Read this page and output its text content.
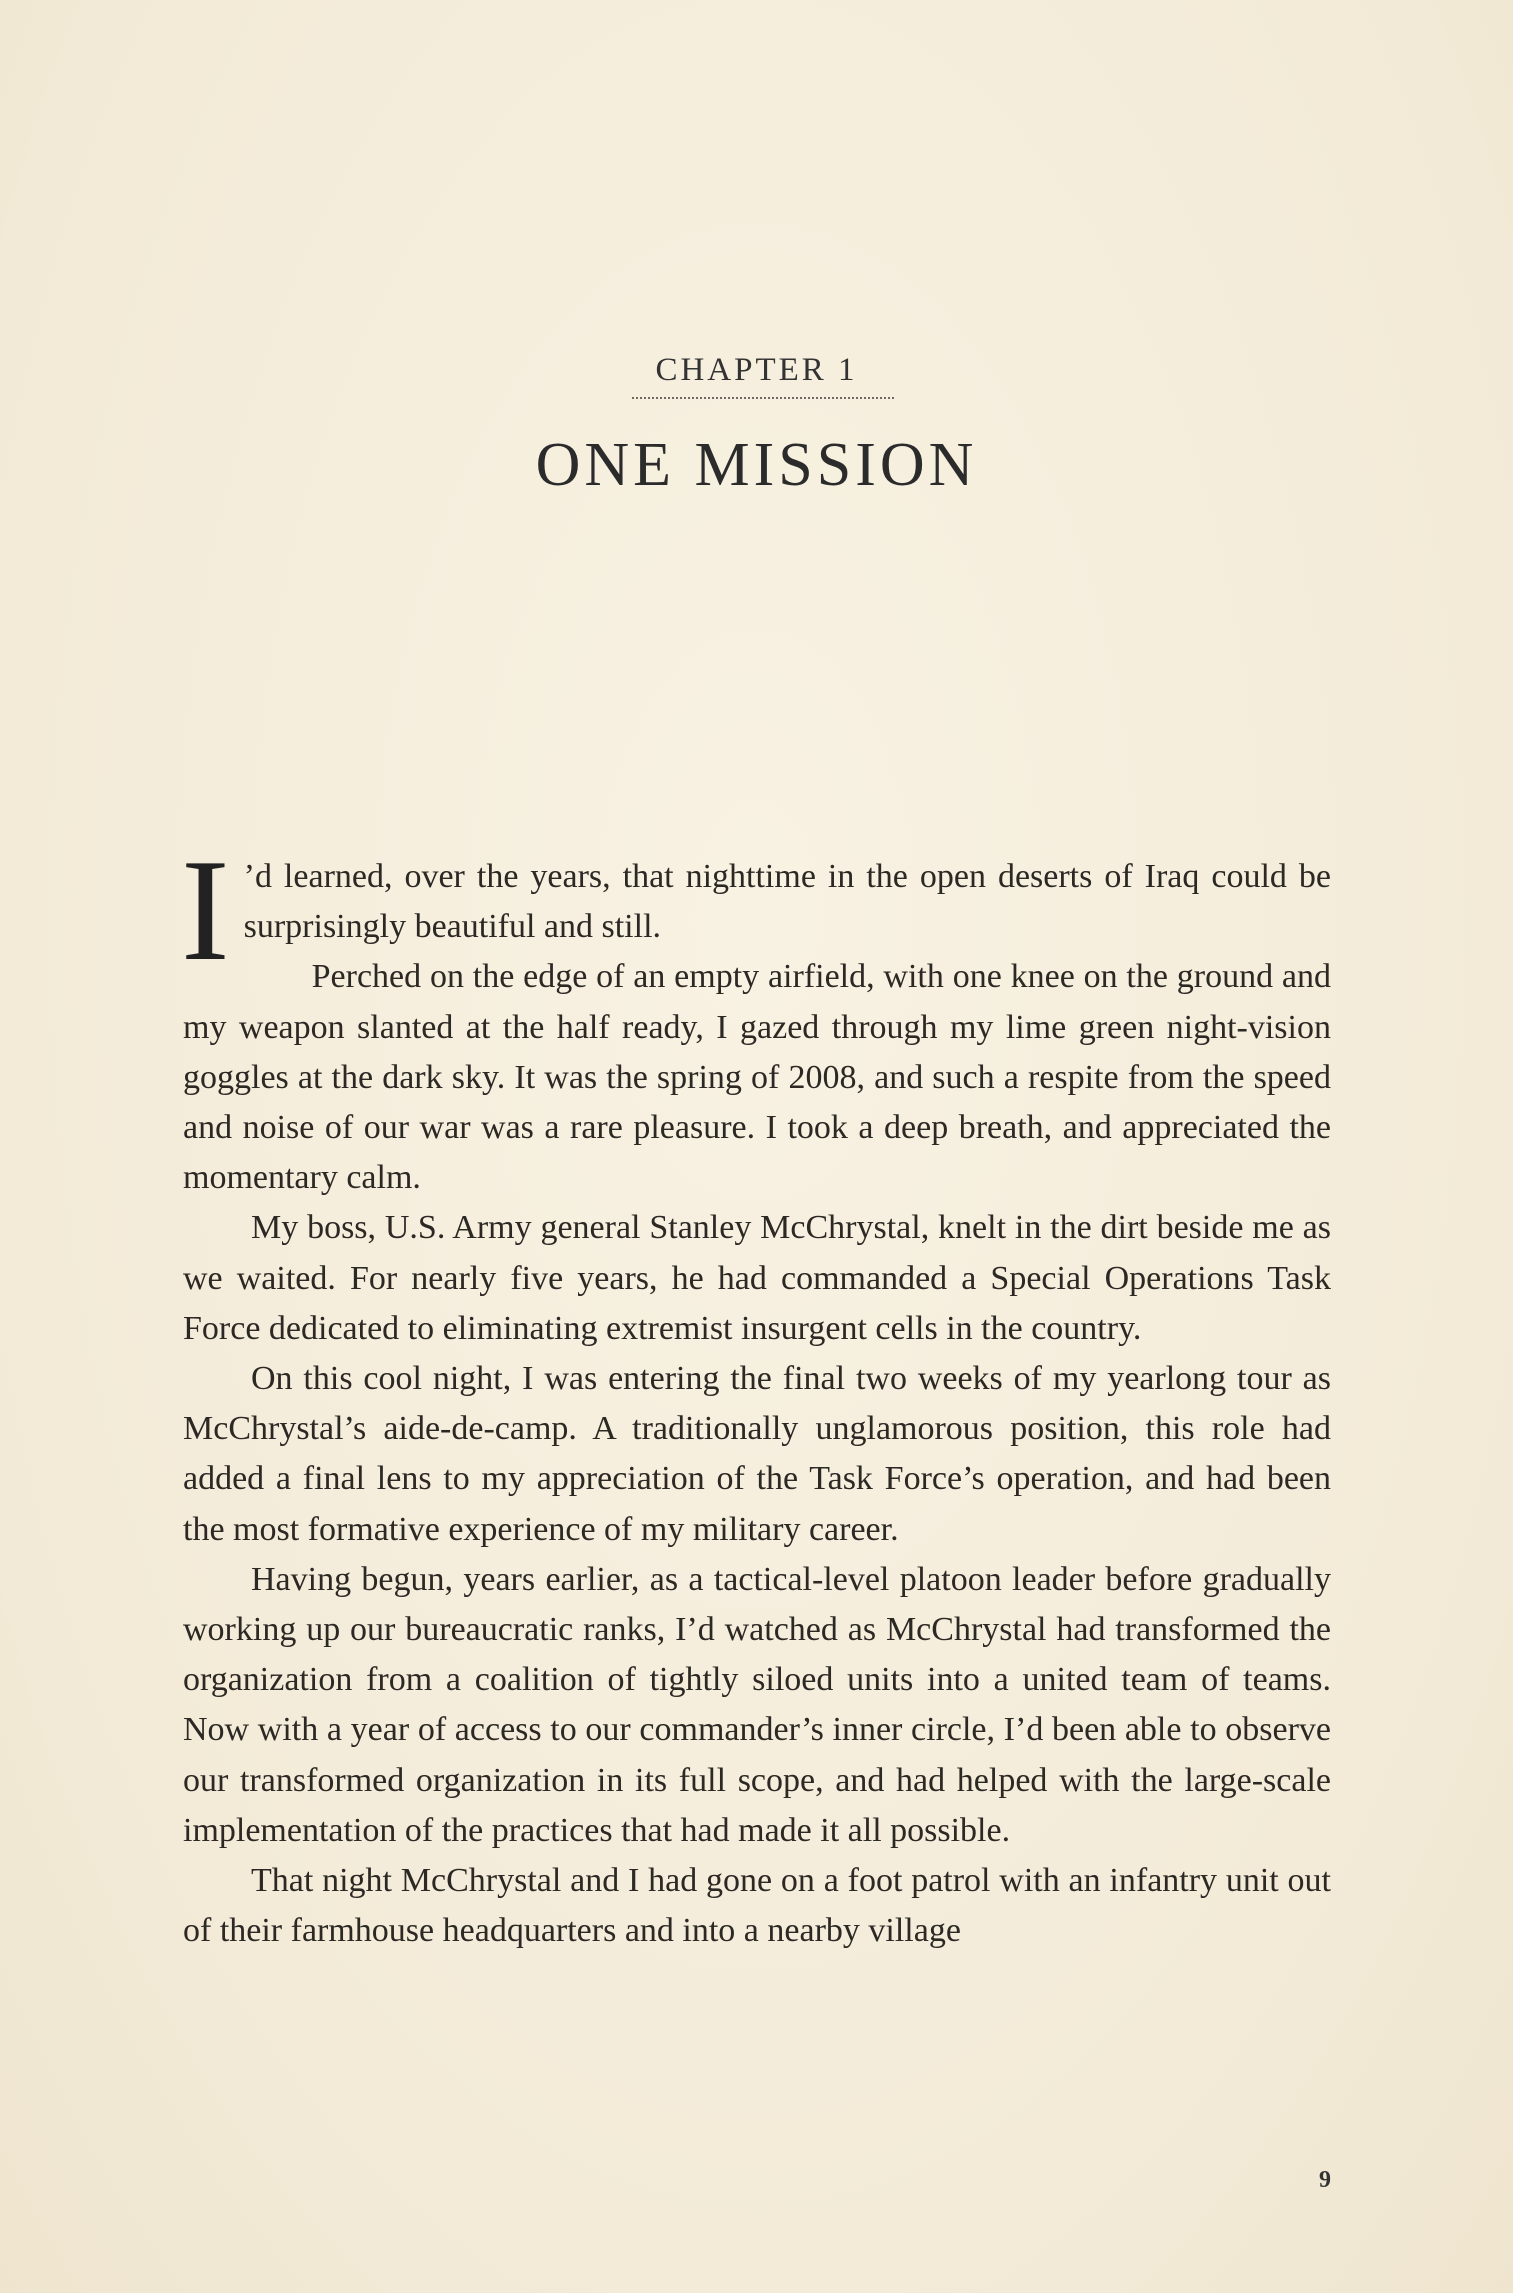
CHAPTER 1
ONE MISSION

I ’d learned, over the years, that nighttime in the open deserts of Iraq could be surprisingly beautiful and still.

Perched on the edge of an empty airfield, with one knee on the ground and my weapon slanted at the half ready, I gazed through my lime green night-vision goggles at the dark sky. It was the spring of 2008, and such a respite from the speed and noise of our war was a rare pleasure. I took a deep breath, and appreciated the momentary calm.

My boss, U.S. Army general Stanley McChrystal, knelt in the dirt beside me as we waited. For nearly five years, he had commanded a Special Operations Task Force dedicated to eliminating extremist insurgent cells in the country.

On this cool night, I was entering the final two weeks of my yearlong tour as McChrystal’s aide-de-camp. A traditionally unglamorous position, this role had added a final lens to my appreciation of the Task Force’s operation, and had been the most formative experience of my military career.

Having begun, years earlier, as a tactical-level platoon leader before gradually working up our bureaucratic ranks, I’d watched as McChrystal had transformed the organization from a coalition of tightly siloed units into a united team of teams. Now with a year of access to our commander’s inner circle, I’d been able to observe our transformed organization in its full scope, and had helped with the large-scale implementation of the practices that had made it all possible.

That night McChrystal and I had gone on a foot patrol with an infantry unit out of their farmhouse headquarters and into a nearby village

9
